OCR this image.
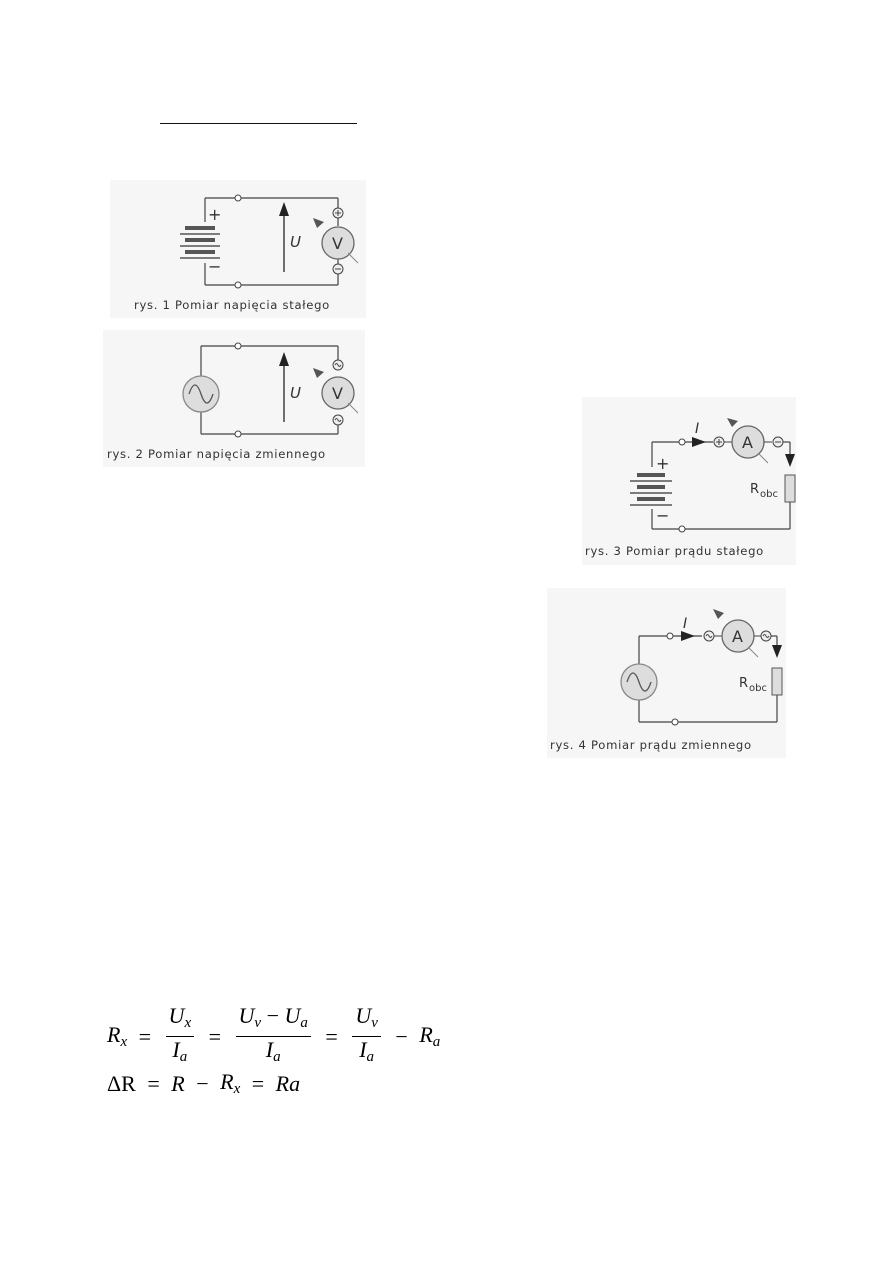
+
−
U V
rys. 1 Pomiar napięcia stałego
U V
rys. 2 Pomiar napięcia zmiennego	+
−
I
A
R obc
rys. 3 Pomiar prądu stałego
I
A
R obc
rys. 4 Pomiar prądu zmiennego
$R_x = \frac{U_x}{I_a} = \frac{U_v - U_a}{I_a} = \frac{U_v}{I_a} - R_a$
$\Delta R = R - R_x = Ra$
